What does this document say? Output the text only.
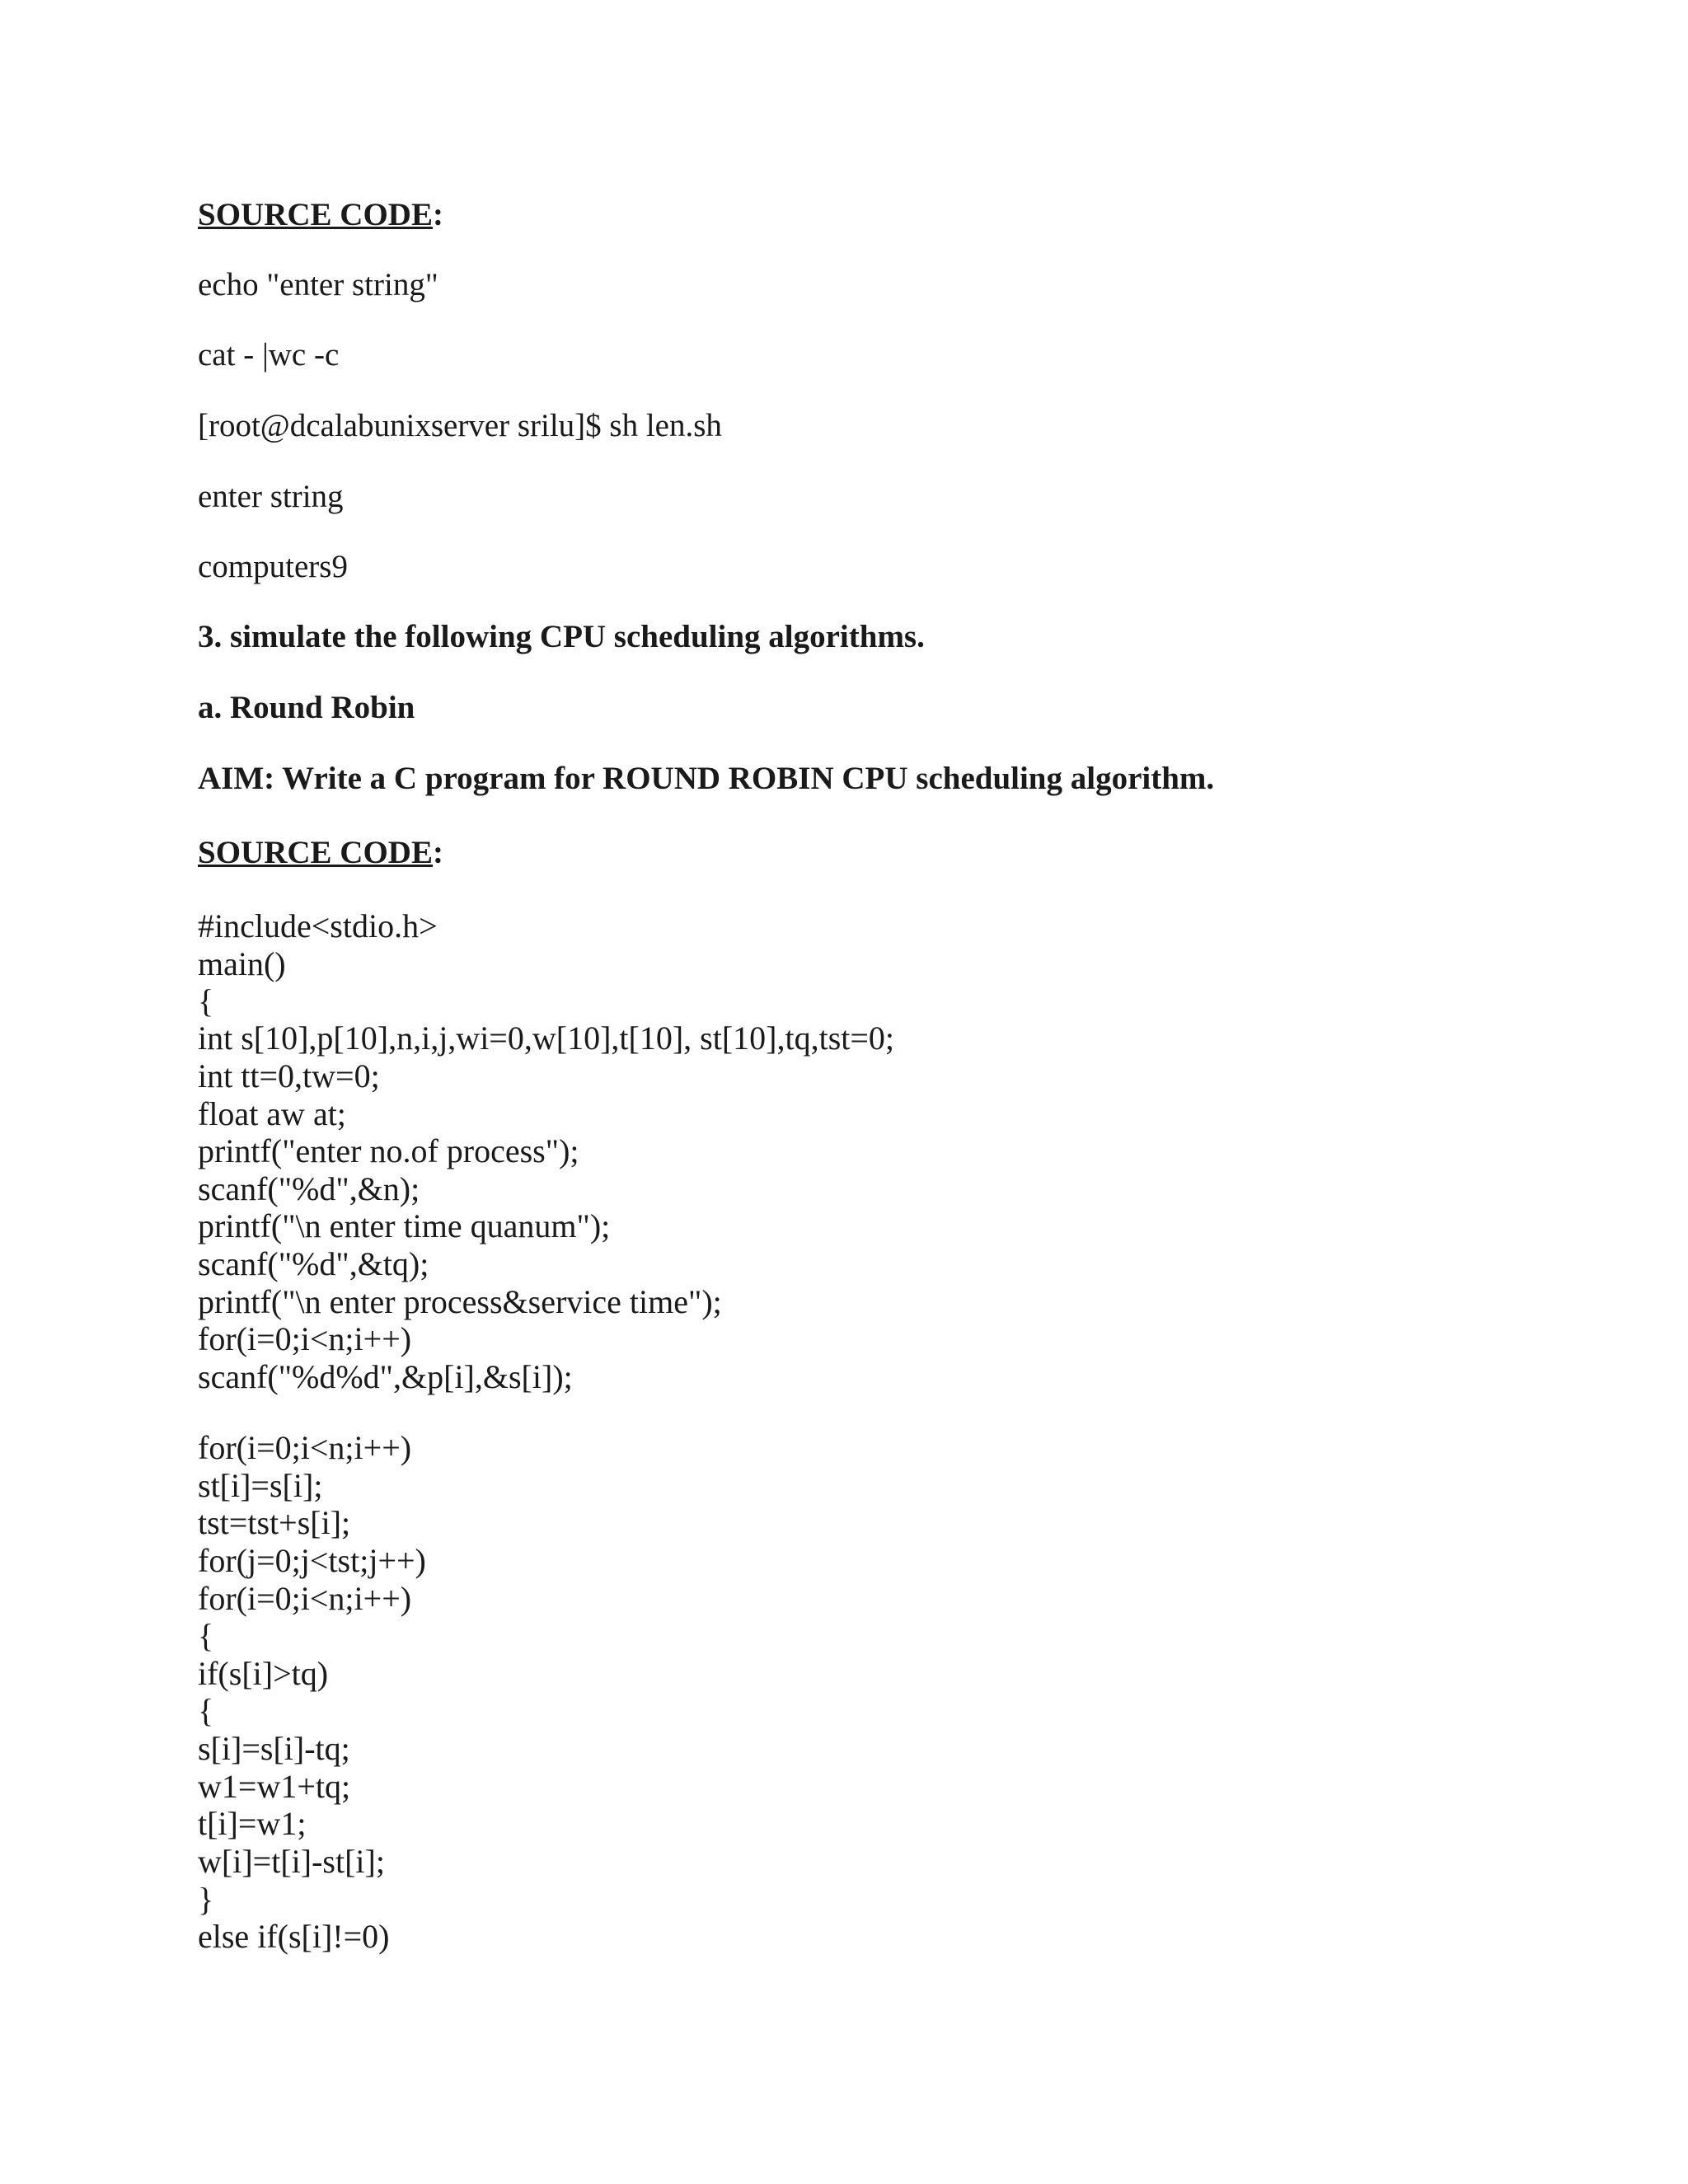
SOURCE CODE:
echo "enter string"
cat - |wc -c
[root@dcalabunixserver srilu]$ sh len.sh
enter string
computers9
3. simulate the following CPU scheduling algorithms.
a. Round Robin
AIM: Write a C program for ROUND ROBIN CPU scheduling algorithm.
SOURCE CODE:
#include<stdio.h>
main()
{
int s[10],p[10],n,i,j,wi=0,w[10],t[10], st[10],tq,tst=0;
int tt=0,tw=0;
float aw at;
printf("enter no.of process");
scanf("%d",&n);
printf("\n enter time quanum");
scanf("%d",&tq);
printf("\n enter process&service time");
for(i=0;i<n;i++)
scanf("%d%d",&p[i],&s[i]);
for(i=0;i<n;i++)
st[i]=s[i];
tst=tst+s[i];
for(j=0;j<tst;j++)
for(i=0;i<n;i++)
{
if(s[i]>tq)
{
s[i]=s[i]-tq;
w1=w1+tq;
t[i]=w1;
w[i]=t[i]-st[i];
}
else if(s[i]!=0)
